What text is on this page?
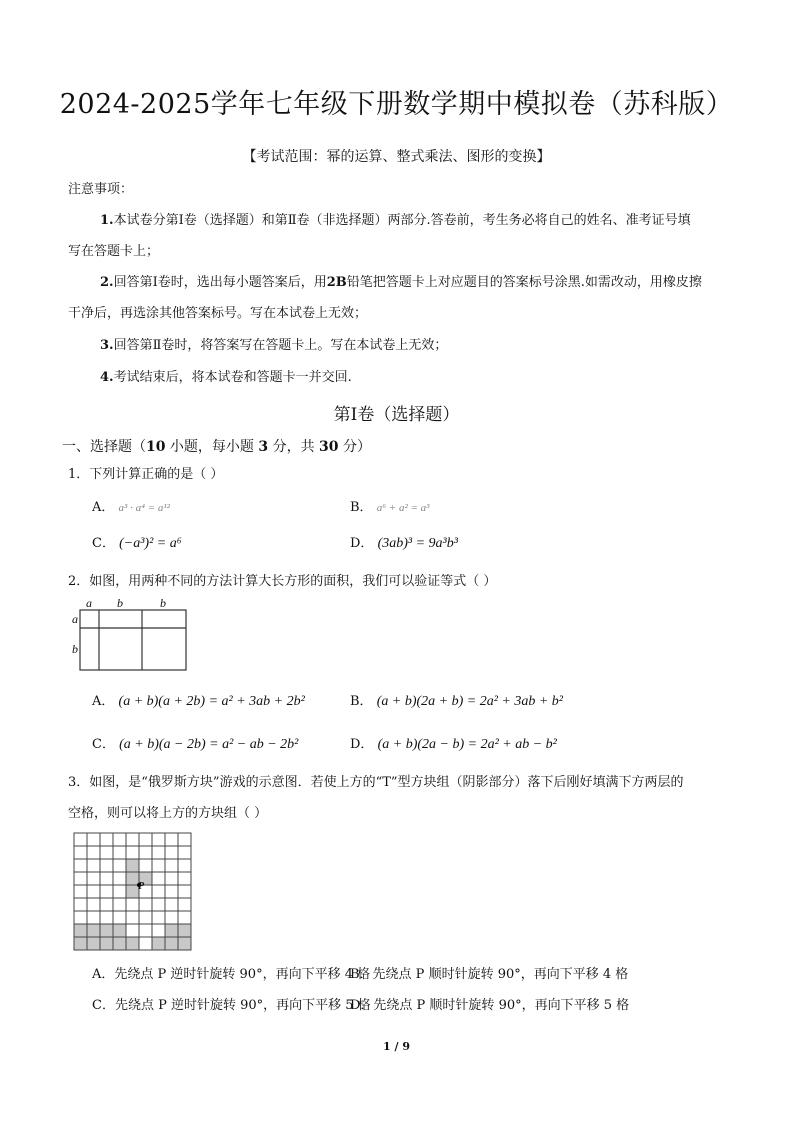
2024-2025学年七年级下册数学期中模拟卷（苏科版）
【考试范围：幂的运算、整式乘法、图形的变换】
注意事项：
1.本试卷分第Ⅰ卷（选择题）和第Ⅱ卷（非选择题）两部分.答卷前，考生务必将自己的姓名、准考证号填
写在答题卡上；
2.回答第Ⅰ卷时，选出每小题答案后，用2B铅笔把答题卡上对应题目的答案标号涂黑.如需改动，用橡皮擦
干净后，再选涂其他答案标号。写在本试卷上无效；
3.回答第Ⅱ卷时，将答案写在答题卡上。写在本试卷上无效；
4.考试结束后，将本试卷和答题卡一并交回.
第Ⅰ卷（选择题）
一、选择题（10 小题，每小题 3 分，共 30 分）
1．下列计算正确的是（ ）
A． a³ · a⁴ = a¹²	B． a⁶ + a² = a³
C． (−a³)² = a⁶	D． (3ab)³ = 9a³b³
2．如图，用两种不同的方法计算大长方形的面积，我们可以验证等式（ ）
a b	b
a
b
A． (a + b)(a + 2b) = a² + 3ab + 2b²	B． (a + b)(2a + b) = 2a² + 3ab + b²
C． (a + b)(a − 2b) = a² − ab − 2b²	D． (a + b)(2a − b) = 2a² + ab − b²
3．如图，是“俄罗斯方块”游戏的示意图．若使上方的“T”型方块组（阴影部分）落下后刚好填满下方两层的
空格，则可以将上方的方块组（ ）
P
A．先绕点 P 逆时针旋转 90°，再向下平移 4 格
B．先绕点 P 顺时针旋转 90°，再向下平移 4 格
C．先绕点 P 逆时针旋转 90°，再向下平移 5 格
D．先绕点 P 顺时针旋转 90°，再向下平移 5 格
1 / 9
